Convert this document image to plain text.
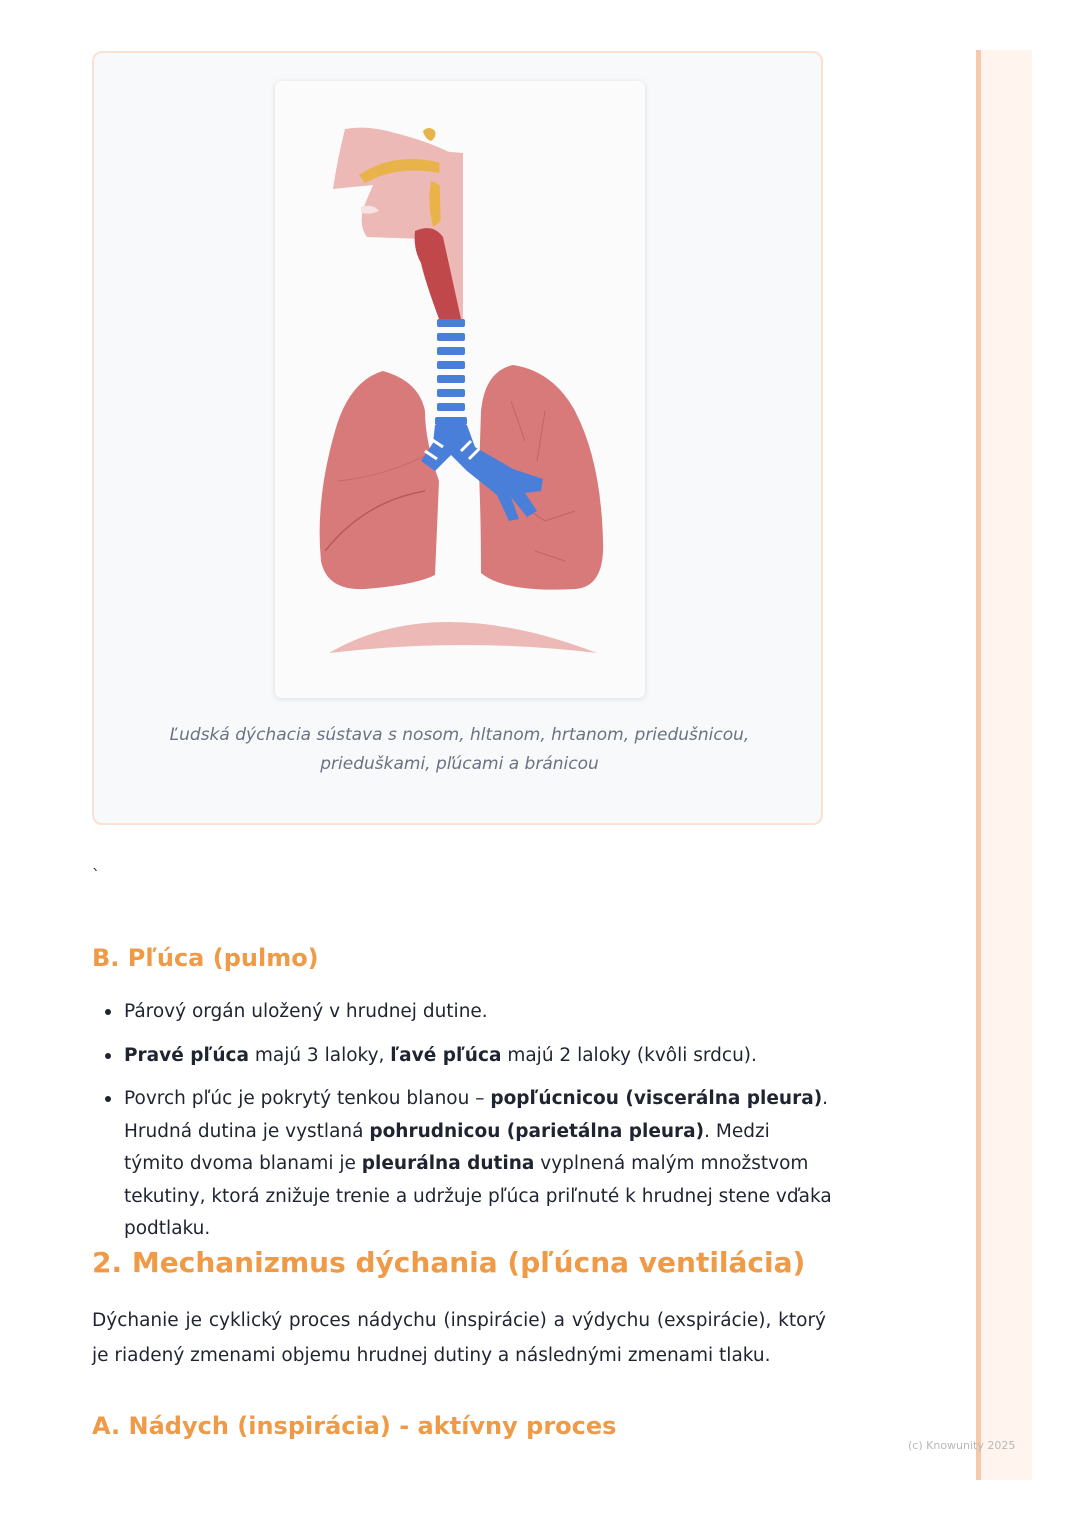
Ľudská dýchacia sústava s nosom, hltanom, hrtanom, priedušnicou, prieduškami, pľúcami a bránicou
`
B. Pľúca (pulmo)
Párový orgán uložený v hrudnej dutine.
Pravé pľúca majú 3 laloky, ľavé pľúca majú 2 laloky (kvôli srdcu).
Povrch pľúc je pokrytý tenkou blanou – popľúcnicou (viscerálna pleura). Hrudná dutina je vystlaná pohrudnicou (parietálna pleura). Medzi týmito dvoma blanami je pleurálna dutina vyplnená malým množstvom tekutiny, ktorá znižuje trenie a udržuje pľúca priľnuté k hrudnej stene vďaka podtlaku.
2. Mechanizmus dýchania (pľúcna ventilácia)

Dýchanie je cyklický proces nádychu (inspirácie) a výdychu (exspirácie), ktorý je riadený zmenami objemu hrudnej dutiny a následnými zmenami tlaku.

A. Nádych (inspirácia) - aktívny proces
(c) Knowunity 2025
